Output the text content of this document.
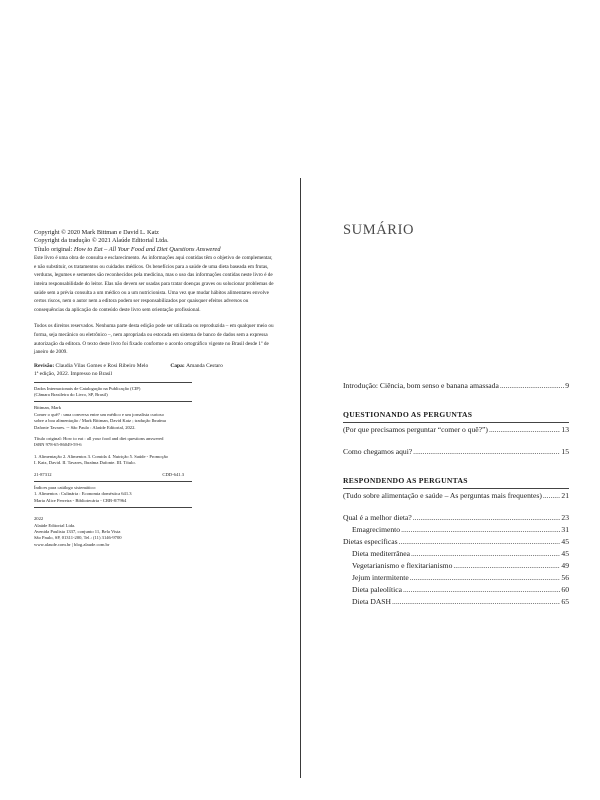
Copyright © 2020 Mark Bittman e David L. Katz
Copyright da tradução © 2021 Alaúde Editorial Ltda.
Título original: How to Eat – All Your Food and Diet Questions Answered

Este livro é uma obra de consulta e esclarecimento. As informações aqui contidas têm o objetivo de complementar, e não substituir, os tratamentos ou cuidados médicos. Os benefícios para a saúde de uma dieta baseada em frutas, verduras, legumes e sementes são reconhecidos pela medicina, mas o uso das informações contidas neste livro é de inteira responsabilidade do leitor. Elas não devem ser usadas para tratar doenças graves ou solucionar problemas de saúde sem a prévia consulta a um médico ou a um nutricionista. Uma vez que mudar hábitos alimentares envolve certos riscos, nem o autor nem a editora podem ser responsabilizados por quaisquer efeitos adversos ou consequências da aplicação do conteúdo deste livro sem orientação profissional.

Todos os direitos reservados. Nenhuma parte desta edição pode ser utilizada ou reproduzida – em qualquer meio ou forma, seja mecânico ou eletrônico –, nem apropriada ou estocada em sistema de banco de dados sem a expressa autorização da editora. O texto deste livro foi fixado conforme o acordo ortográfico vigente no Brasil desde 1º de janeiro de 2009.

Revisão: Claudia Vilas Gomes e Rosi Ribeiro Melo	Capa: Amanda Cestaro
1ª edição, 2022. Impresso no Brasil

Dados Internacionais de Catalogação na Publicação (CIP)

(Câmara Brasileira do Livro, SP, Brasil)

Bittman, Mark

Comer o quê? : uma conversa entre um médico e um jornalista curioso

sobre a boa alimentação / Mark Bittman, David Katz ; tradução Ibraíma

Dafonte Tavares. -- São Paulo : Alaúde Editorial, 2022.

Título original: How to eat : all your food and diet questions answered

ISBN 978-65-86049-59-6

1. Alimentação 2. Alimentos 3. Comida 4. Nutrição 5. Saúde - Promoção

I. Katz, David. II. Tavares, Ibraíma Dafonte. III. Título.

21-87312	CDD-641.3

Índices para catálogo sistemático:

1. Alimentos : Culinária : Economia doméstica 641.3

Maria Alice Ferreira - Bibliotecária - CRB-8/7964

2022

Alaúde Editorial Ltda.

Avenida Paulista 1337, conjunto 11, Bela Vista

São Paulo, SP, 01311-200, Tel.: (11) 3146-9700

www.alaude.com.br | blog.alaude.com.br

SUMÁRIO
Introdução: Ciência, bom senso e banana amassada .....	9
QUESTIONANDO AS PERGUNTAS
(Por que precisamos perguntar “comer o quê?”) .....	13
Como chegamos aqui? .....	15
RESPONDENDO AS PERGUNTAS
(Tudo sobre alimentação e saúde – As perguntas mais frequentes) .....	21
Qual é a melhor dieta? .....	23
Emagrecimento .....	31
Dietas específicas .....	45
Dieta mediterrânea .....	45
Vegetarianismo e flexitarianismo .....	49
Jejum intermitente .....	56
Dieta paleolítica .....	60
Dieta DASH .....	65
